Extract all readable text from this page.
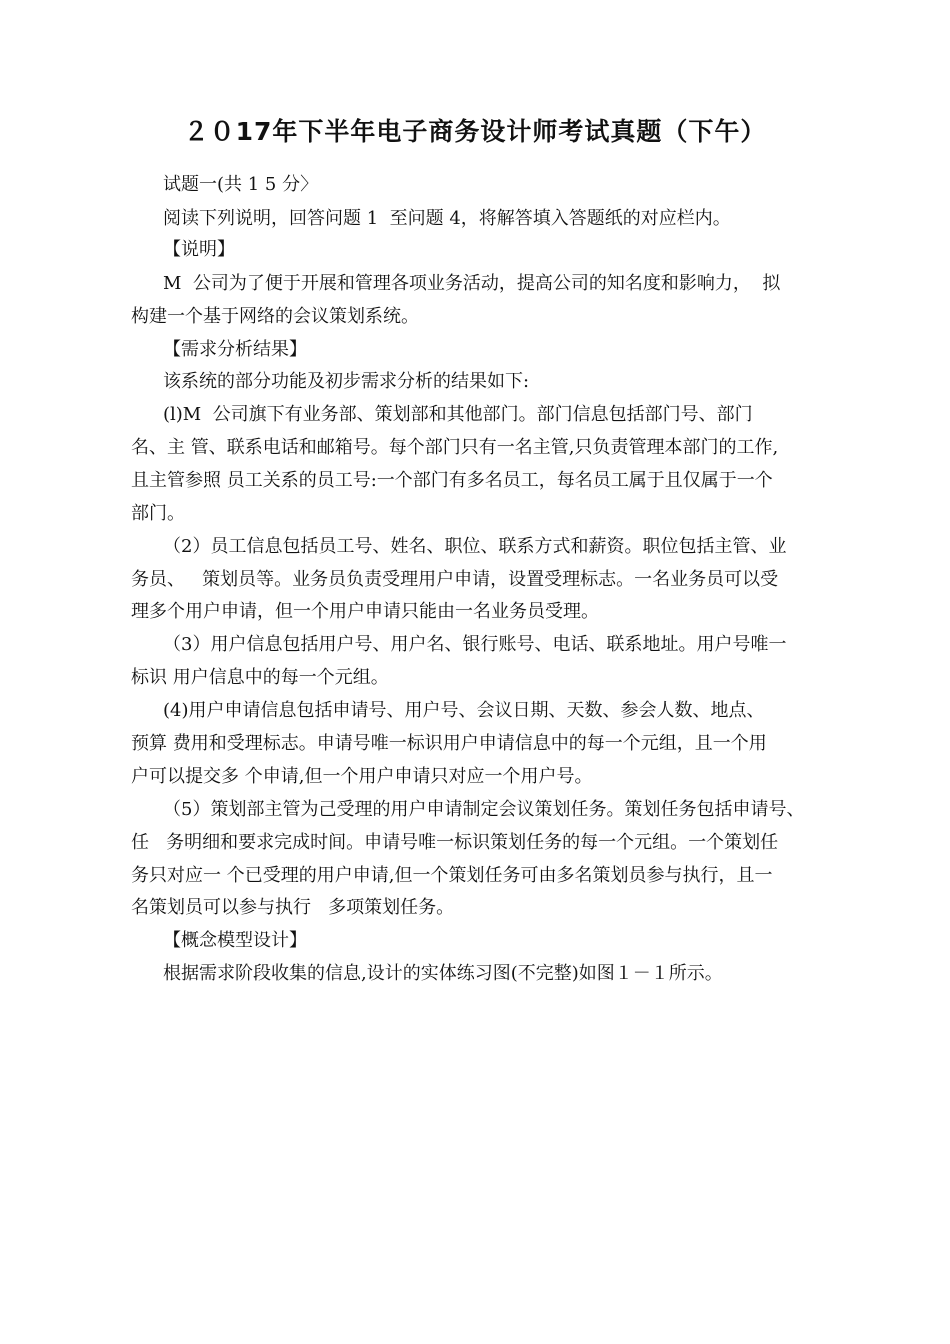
２０17年下半年电子商务设计师考试真题（下午）
试题一(共 1 5 分〉
阅读下列说明，回答问题 1  至问题 4，将解答填入答题纸的对应栏内。
【说明】
M  公司为了便于开展和管理各项业务活动，提高公司的知名度和影响力，  拟
构建一个基于网络的会议策划系统。
【需求分析结果】
该系统的部分功能及初步需求分析的结果如下:
(l)M  公司旗下有业务部、策划部和其他部门。部门信息包括部门号、部门
名、主 管、联系电话和邮箱号。每个部门只有一名主管,只负责管理本部门的工作,
且主管参照 员工关系的员工号:一个部门有多名员工，每名员工属于且仅属于一个
部门。
（2）员工信息包括员工号、姓名、职位、联系方式和薪资。职位包括主管、业
务员、   策划员等。业务员负责受理用户申请，设置受理标志。一名业务员可以受
理多个用户申请，但一个用户申请只能由一名业务员受理。
（3）用户信息包括用户号、用户名、银行账号、电话、联系地址。用户号唯一
标识 用户信息中的每一个元组。
(4)用户申请信息包括申请号、用户号、会议日期、天数、参会人数、地点、
预算 费用和受理标志。申请号唯一标识用户申请信息中的每一个元组，且一个用
户可以提交多 个申请,但一个用户申请只对应一个用户号。
（5）策划部主管为己受理的用户申请制定会议策划任务。策划任务包括申请号、
任   务明细和要求完成时间。申请号唯一标识策划任务的每一个元组。一个策划任
务只对应一 个已受理的用户申请,但一个策划任务可由多名策划员参与执行，且一
名策划员可以参与执行   多项策划任务。
【概念模型设计】
根据需求阶段收集的信息,设计的实体练习图(不完整)如图１－１所示。
